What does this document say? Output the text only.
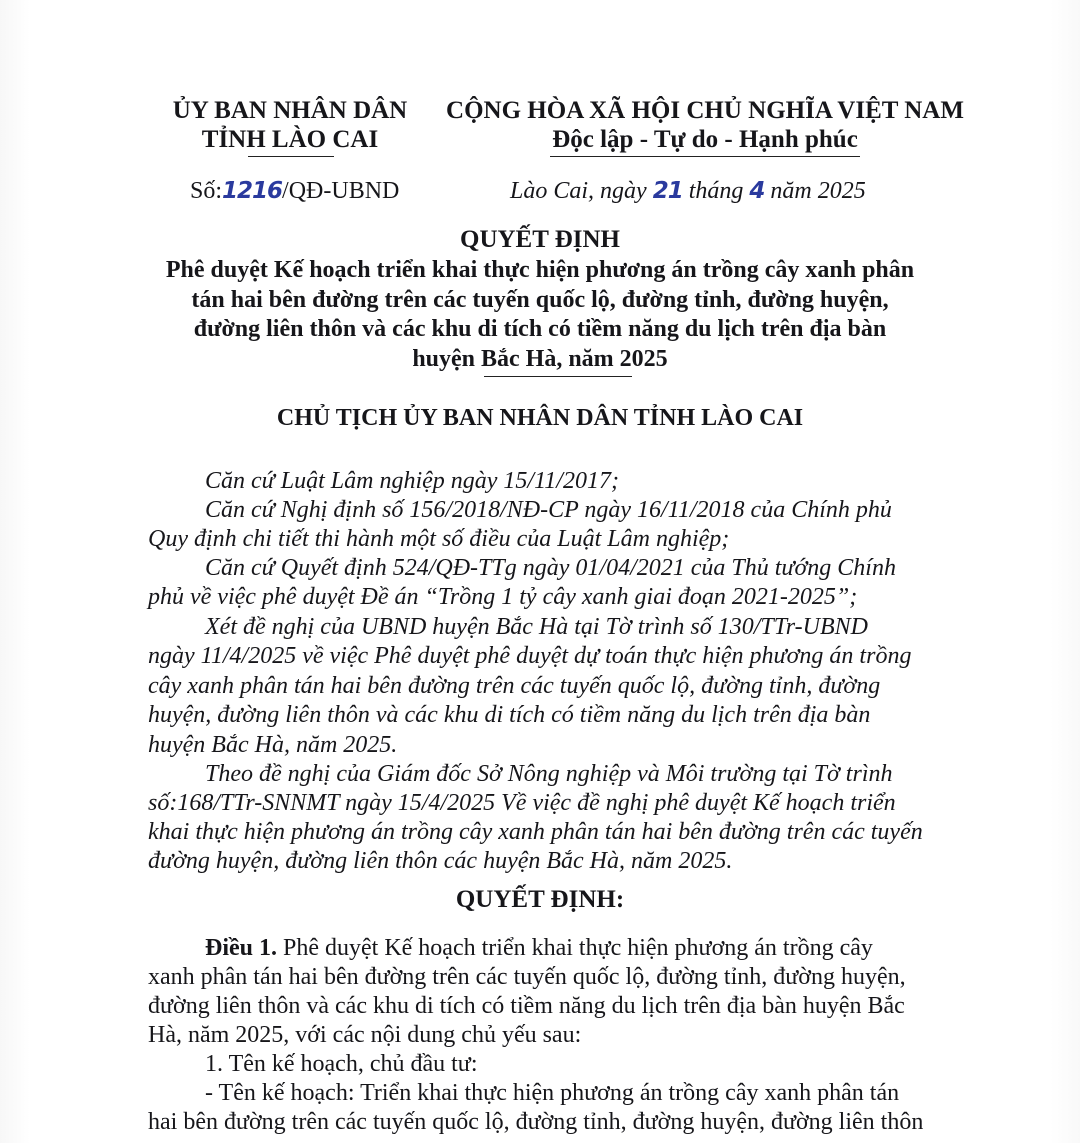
ỦY BAN NHÂN DÂN
TỈNH LÀO CAI
CỘNG HÒA XÃ HỘI CHỦ NGHĨA VIỆT NAM
Độc lập - Tự do - Hạnh phúc
Số:1216/QĐ-UBND	Lào Cai, ngày 21 tháng 4 năm 2025
QUYẾT ĐỊNH
Phê duyệt Kế hoạch triển khai thực hiện phương án trồng cây xanh phân
tán hai bên đường trên các tuyến quốc lộ, đường tỉnh, đường huyện,
đường liên thôn và các khu di tích có tiềm năng du lịch trên địa bàn
huyện Bắc Hà, năm 2025
CHỦ TỊCH ỦY BAN NHÂN DÂN TỈNH LÀO CAI
Căn cứ Luật Lâm nghiệp ngày 15/11/2017;
Căn cứ Nghị định số 156/2018/NĐ-CP ngày 16/11/2018 của Chính phủ
Quy định chi tiết thi hành một số điều của Luật Lâm nghiệp;
Căn cứ Quyết định 524/QĐ-TTg ngày 01/04/2021 của Thủ tướng Chính
phủ về việc phê duyệt Đề án “Trồng 1 tỷ cây xanh giai đoạn 2021-2025”;
Xét đề nghị của UBND huyện Bắc Hà tại Tờ trình số 130/TTr-UBND
ngày 11/4/2025 về việc Phê duyệt phê duyệt dự toán thực hiện phương án trồng
cây xanh phân tán hai bên đường trên các tuyến quốc lộ, đường tỉnh, đường
huyện, đường liên thôn và các khu di tích có tiềm năng du lịch trên địa bàn
huyện Bắc Hà, năm 2025.
Theo đề nghị của Giám đốc Sở Nông nghiệp và Môi trường tại Tờ trình
số:168/TTr-SNNMT ngày 15/4/2025 Về việc đề nghị phê duyệt Kế hoạch triển
khai thực hiện phương án trồng cây xanh phân tán hai bên đường trên các tuyến
đường huyện, đường liên thôn các huyện Bắc Hà, năm 2025.
QUYẾT ĐỊNH:
Điều 1. Phê duyệt Kế hoạch triển khai thực hiện phương án trồng cây
xanh phân tán hai bên đường trên các tuyến quốc lộ, đường tỉnh, đường huyện,
đường liên thôn và các khu di tích có tiềm năng du lịch trên địa bàn huyện Bắc
Hà, năm 2025, với các nội dung chủ yếu sau:
1. Tên kế hoạch, chủ đầu tư:
- Tên kế hoạch: Triển khai thực hiện phương án trồng cây xanh phân tán
hai bên đường trên các tuyến quốc lộ, đường tỉnh, đường huyện, đường liên thôn
